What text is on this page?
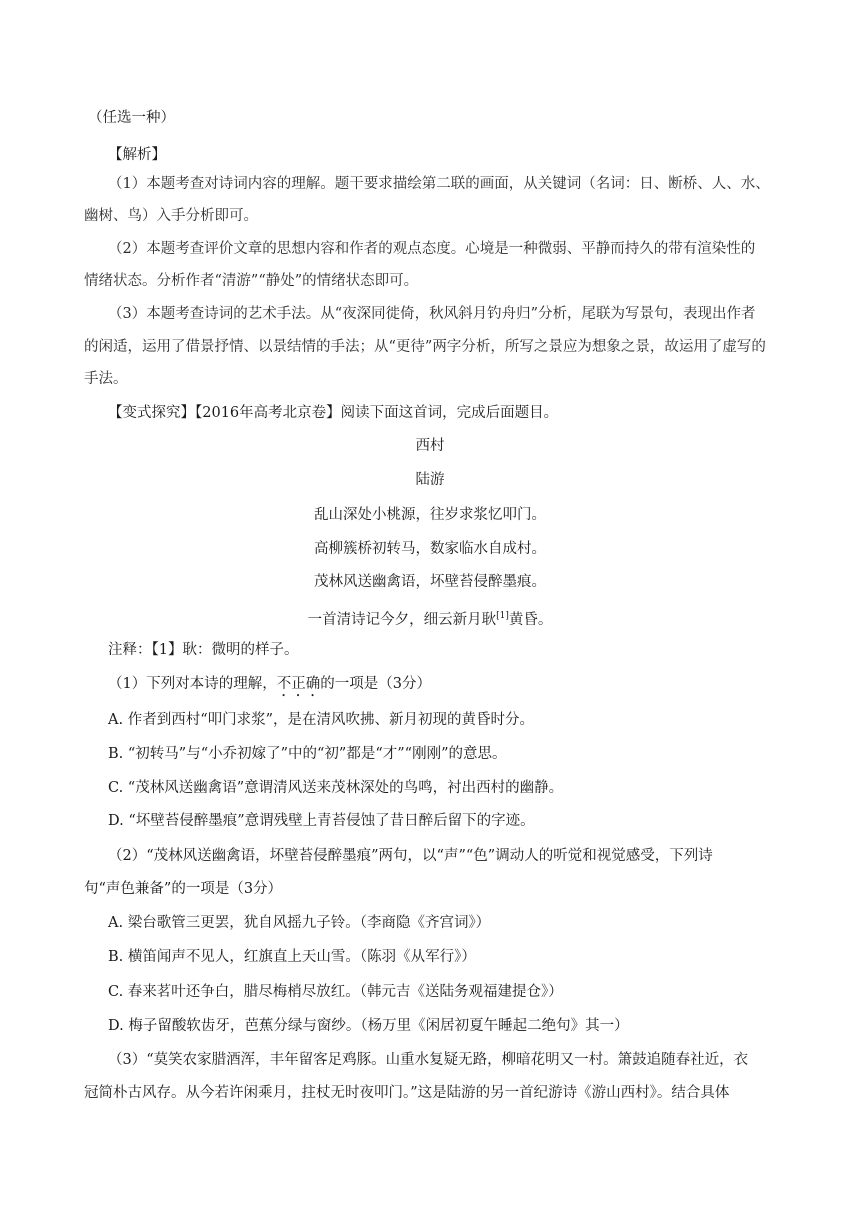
（任选一种）
【解析】
（1）本题考查对诗词内容的理解。题干要求描绘第二联的画面，从关键词（名词：日、断桥、人、水、
幽树、鸟）入手分析即可。
（2）本题考查评价文章的思想内容和作者的观点态度。心境是一种微弱、平静而持久的带有渲染性的
情绪状态。分析作者“清游”“静处”的情绪状态即可。
（3）本题考查诗词的艺术手法。从“夜深同徙倚，秋风斜月钓舟归”分析，尾联为写景句，表现出作者
的闲适，运用了借景抒情、以景结情的手法；从“更待”两字分析，所写之景应为想象之景，故运用了虚写的
手法。
【变式探究】【2016年高考北京卷】阅读下面这首词，完成后面题目。
西村
陆游
乱山深处小桃源，往岁求浆忆叩门。
高柳簇桥初转马，数家临水自成村。
茂林风送幽禽语，坏壁苔侵醉墨痕。
一首清诗记今夕，细云新月耿[1]黄昏。
注释：【1】耿：微明的样子。
（1）下列对本诗的理解，不正确的一项是（3分）
A. 作者到西村“叩门求浆”，是在清风吹拂、新月初现的黄昏时分。
B. “初转马”与“小乔初嫁了”中的“初”都是“才”“刚刚”的意思。
C. “茂林风送幽禽语”意谓清风送来茂林深处的鸟鸣，衬出西村的幽静。
D. “坏壁苔侵醉墨痕”意谓残壁上青苔侵蚀了昔日醉后留下的字迹。
（2）“茂林风送幽禽语，坏壁苔侵醉墨痕”两句，以“声”“色”调动人的听觉和视觉感受，下列诗
句“声色兼备”的一项是（3分）
A. 梁台歌管三更罢，犹自风摇九子铃。（李商隐《齐宫词》）
B. 横笛闻声不见人，红旗直上天山雪。（陈羽《从军行》）
C. 春来茗叶还争白，腊尽梅梢尽放红。（韩元吉《送陆务观福建提仓》）
D. 梅子留酸软齿牙，芭蕉分绿与窗纱。（杨万里《闲居初夏午睡起二绝句》其一）
（3）“莫笑农家腊酒浑，丰年留客足鸡豚。山重水复疑无路，柳暗花明又一村。箫鼓追随春社近，衣
冠简朴古风存。从今若许闲乘月，拄杖无时夜叩门。”这是陆游的另一首纪游诗《游山西村》。结合具体
